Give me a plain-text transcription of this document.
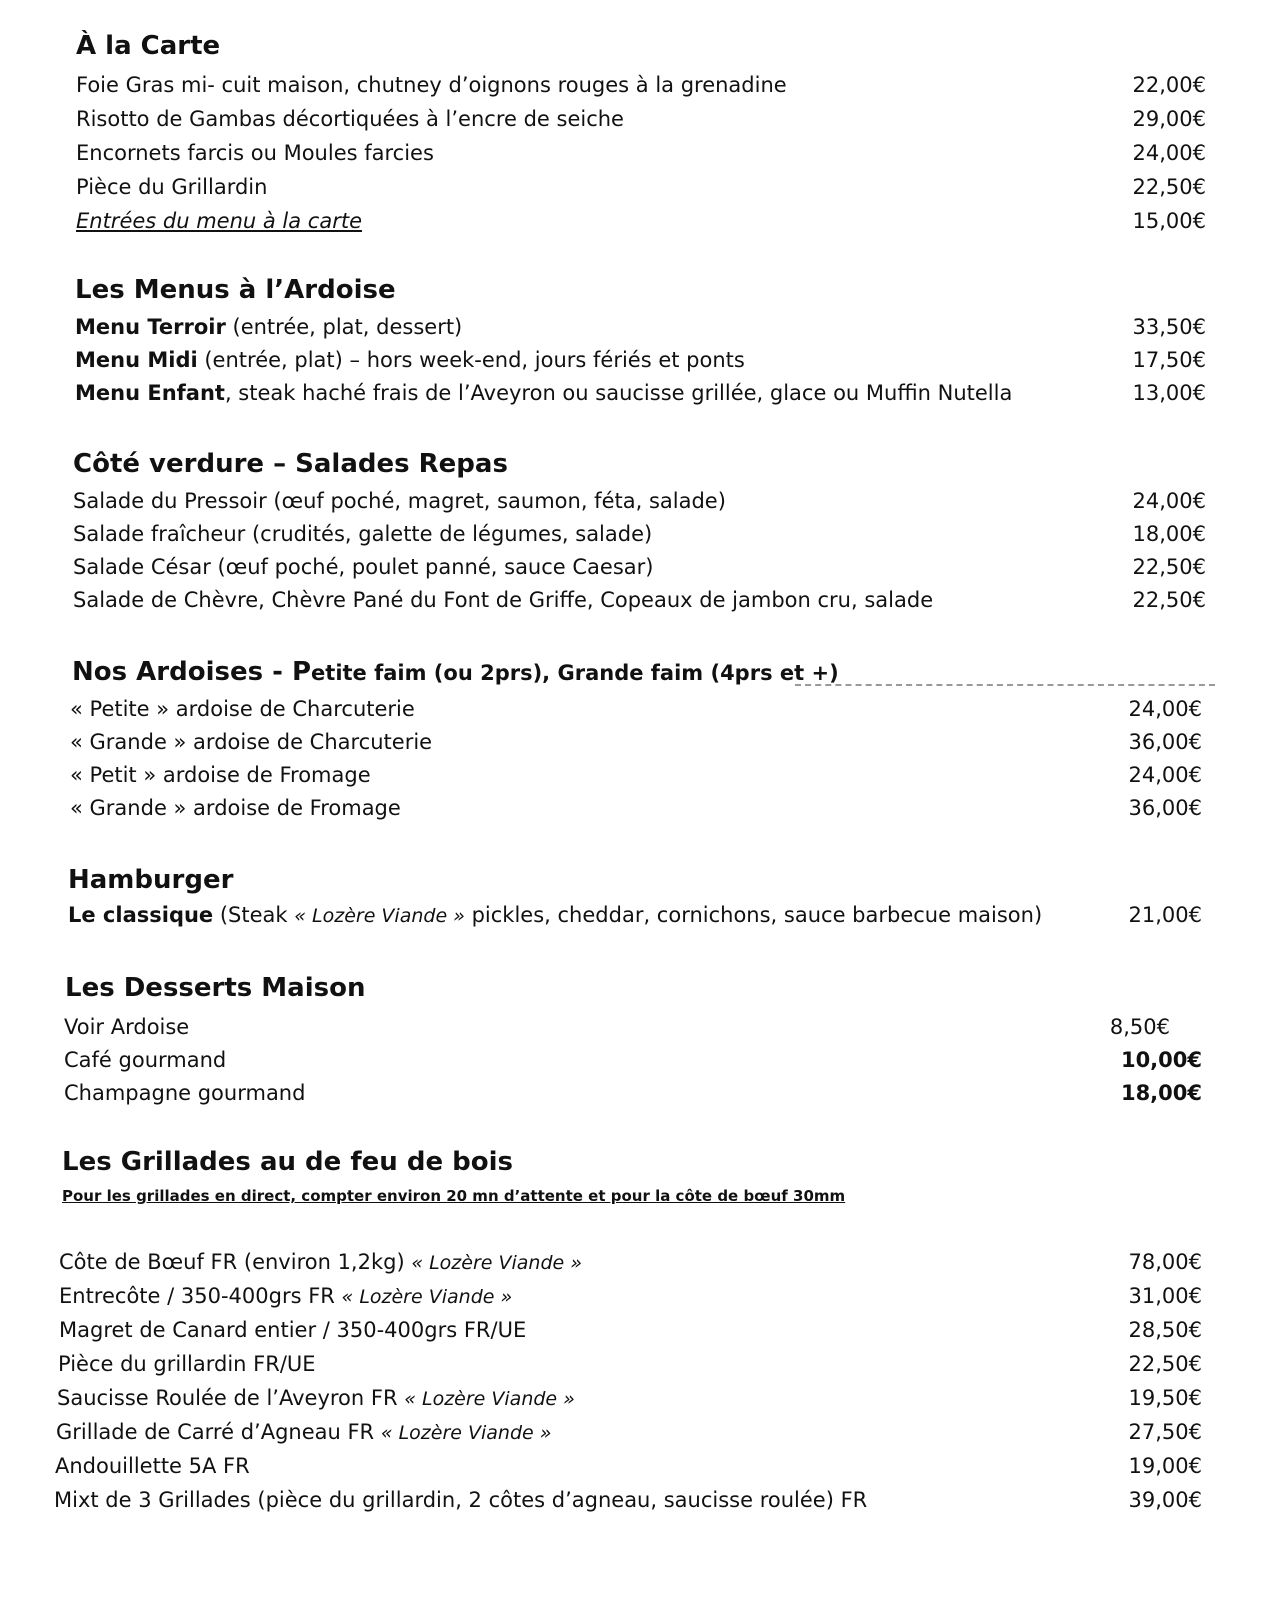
À la Carte
Foie Gras mi- cuit maison, chutney d’oignons rouges à la grenadine	22,00€
Risotto de Gambas décortiquées à l’encre de seiche	29,00€
Encornets farcis ou Moules farcies	24,00€
Pièce du Grillardin	22,50€
Entrées du menu à la carte	15,00€
Les Menus à l’Ardoise
Menu Terroir (entrée, plat, dessert)	33,50€
Menu Midi (entrée, plat) – hors week-end, jours fériés et ponts	17,50€
Menu Enfant, steak haché frais de l’Aveyron ou saucisse grillée, glace ou Muffin Nutella	13,00€
Côté verdure – Salades Repas
Salade du Pressoir (œuf poché, magret, saumon, féta, salade)	24,00€
Salade fraîcheur (crudités, galette de légumes, salade)	18,00€
Salade César (œuf poché, poulet panné, sauce Caesar)	22,50€
Salade de Chèvre, Chèvre Pané du Font de Griffe, Copeaux de jambon cru, salade	22,50€
Nos Ardoises - Petite faim (ou 2prs), Grande faim (4prs et +)
« Petite » ardoise de Charcuterie	24,00€
« Grande » ardoise de Charcuterie	36,00€
« Petit » ardoise de Fromage	24,00€
« Grande » ardoise de Fromage	36,00€
Hamburger
Le classique (Steak « Lozère Viande » pickles, cheddar, cornichons, sauce barbecue maison)	21,00€
Les Desserts Maison
Voir Ardoise	8,50€
Café gourmand	10,00€
Champagne gourmand	18,00€
Les Grillades au de feu de bois
Pour les grillades en direct, compter environ 20 mn d’attente et pour la côte de bœuf 30mm
Côte de Bœuf FR (environ 1,2kg) « Lozère Viande »	78,00€
Entrecôte / 350-400grs FR « Lozère Viande »	31,00€
Magret de Canard entier / 350-400grs FR/UE	28,50€
Pièce du grillardin FR/UE	22,50€
Saucisse Roulée de l’Aveyron FR « Lozère Viande »	19,50€
Grillade de Carré d’Agneau FR « Lozère Viande »	27,50€
Andouillette 5A FR	19,00€
Mixt de 3 Grillades (pièce du grillardin, 2 côtes d’agneau, saucisse roulée) FR	39,00€
